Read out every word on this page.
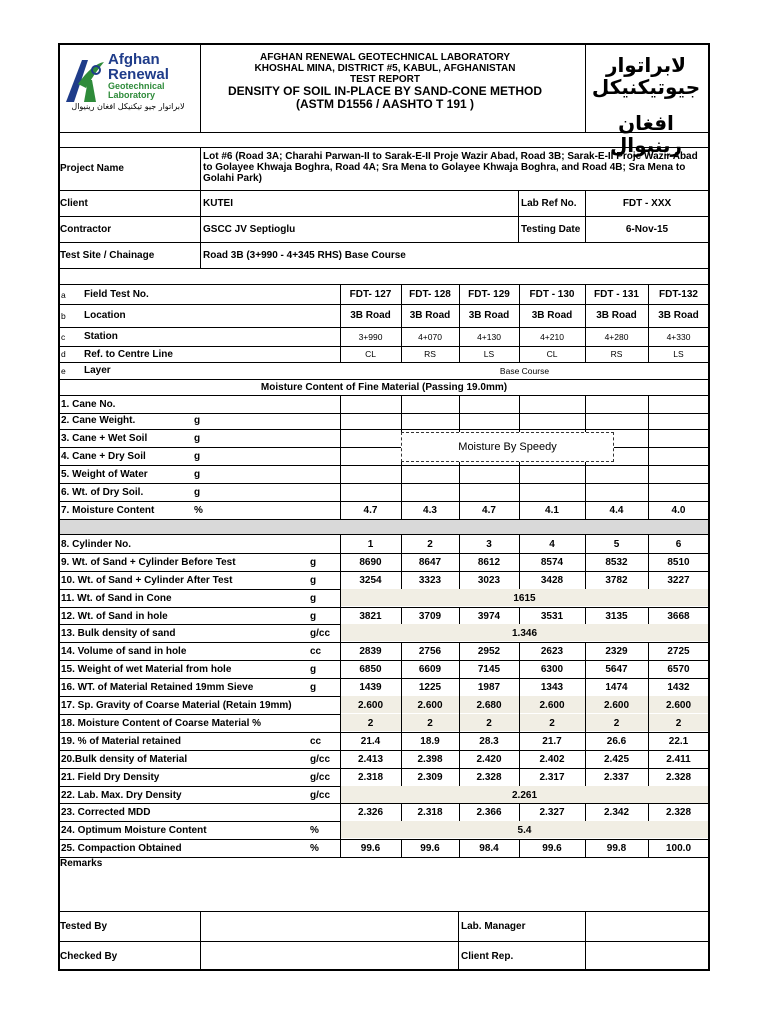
Afghan
Renewal
Geotechnical
Laboratory
لابراتوار جیو تیکنیکل افغان رینیوال
AFGHAN RENEWAL GEOTECHNICAL LABORATORY
KHOSHAL MINA, DISTRICT #5, KABUL, AFGHANISTAN
TEST REPORT
DENSITY OF SOIL IN-PLACE BY SAND-CONE METHOD
(ASTM D1556 / AASHTO T 191 )
لابراتوار
جیوتیکنیکل
افغان
رینیوال
Project Name
Lot #6 (Road 3A; Charahi Parwan-II to Sarak-E-II Proje Wazir Abad, Road 3B; Sarak-E-II Proje Wazir Abad to Golayee Khwaja Boghra, Road 4A; Sra Mena to Golayee Khwaja Boghra, and Road 4B; Sra Mena to Golahi Park)
Client	KUTEI	Lab Ref No.	FDT - XXX
Contractor	GSCC JV Septioglu	Testing Date	6-Nov-15
Test Site / Chainage	Road 3B (3+990 - 4+345 RHS) Base Course
a	Field Test No.	FDT- 127	FDT- 128	FDT- 129	FDT - 130	FDT - 131	FDT-132
b	Location	3B Road	3B Road	3B Road	3B Road	3B Road	3B Road
c	Station	3+990	4+070	4+130	4+210	4+280	4+330
d	Ref. to Centre Line	CL	RS	LS	CL	RS	LS
e	Layer	Base Course
Moisture Content of Fine Material (Passing 19.0mm)
1. Cane No.
2. Cane Weight.	g
3. Cane + Wet Soil	g
4. Cane + Dry Soil	g
5. Weight of Water	g
6. Wt. of Dry Soil.	g
7. Moisture Content	%	4.7	4.3	4.7	4.1	4.4	4.0
Moisture By Speedy
8. Cylinder No.	1	2	3	4	5	6
9. Wt. of Sand + Cylinder Before Test	g	8690	8647	8612	8574	8532	8510
10. Wt. of Sand + Cylinder After Test	g	3254	3323	3023	3428	3782	3227
11. Wt. of Sand in Cone	g	1615
12. Wt. of Sand in hole	g	3821	3709	3974	3531	3135	3668
13. Bulk density of sand	g/cc	1.346
14. Volume of sand in hole	cc	2839	2756	2952	2623	2329	2725
15. Weight of wet Material from hole	g	6850	6609	7145	6300	5647	6570
16. WT. of Material Retained 19mm Sieve	g	1439	1225	1987	1343	1474	1432
17. Sp. Gravity of Coarse Material (Retain 19mm)	2.600	2.600	2.680	2.600	2.600	2.600
18. Moisture Content of Coarse Material %	2	2	2	2	2	2
19. % of Material retained	cc	21.4	18.9	28.3	21.7	26.6	22.1
20.Bulk density of Material	g/cc	2.413	2.398	2.420	2.402	2.425	2.411
21. Field Dry Density	g/cc	2.318	2.309	2.328	2.317	2.337	2.328
22. Lab. Max. Dry Density	g/cc	2.261
23. Corrected MDD	2.326	2.318	2.366	2.327	2.342	2.328
24. Optimum Moisture Content	%	5.4
25. Compaction Obtained	%	99.6	99.6	98.4	99.6	99.8	100.0
Remarks
Tested By	Lab. Manager
Checked By	Client Rep.
